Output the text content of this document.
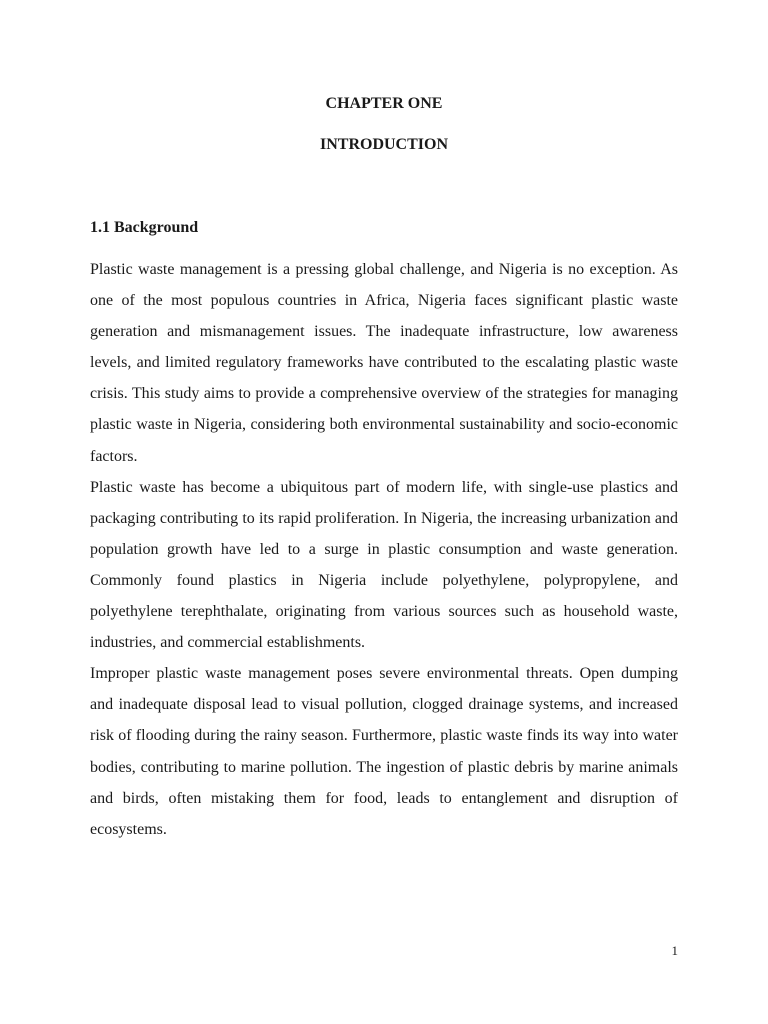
CHAPTER ONE
INTRODUCTION
1.1 Background

Plastic waste management is a pressing global challenge, and Nigeria is no exception. As one of the most populous countries in Africa, Nigeria faces significant plastic waste generation and mismanagement issues. The inadequate infrastructure, low awareness levels, and limited regulatory frameworks have contributed to the escalating plastic waste crisis. This study aims to provide a comprehensive overview of the strategies for managing plastic waste in Nigeria, considering both environmental sustainability and socio-economic factors.

Plastic waste has become a ubiquitous part of modern life, with single-use plastics and packaging contributing to its rapid proliferation. In Nigeria, the increasing urbanization and population growth have led to a surge in plastic consumption and waste generation. Commonly found plastics in Nigeria include polyethylene, polypropylene, and polyethylene terephthalate, originating from various sources such as household waste, industries, and commercial establishments.

Improper plastic waste management poses severe environmental threats. Open dumping and inadequate disposal lead to visual pollution, clogged drainage systems, and increased risk of flooding during the rainy season. Furthermore, plastic waste finds its way into water bodies, contributing to marine pollution. The ingestion of plastic debris by marine animals and birds, often mistaking them for food, leads to entanglement and disruption of ecosystems.

1
